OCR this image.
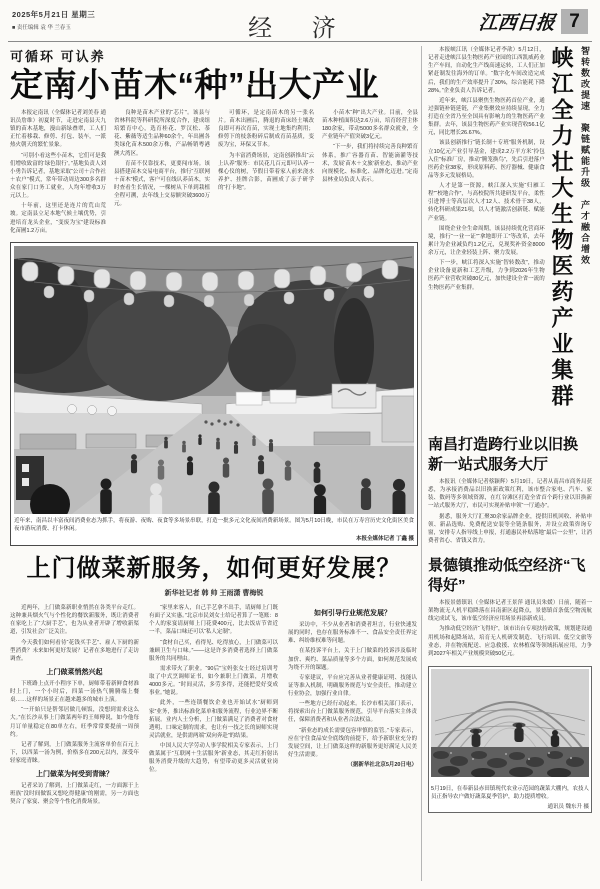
2025年5月21日 星期三
■ 责任编辑 袁 华 兰春玉	经 济	江西日报 7
可循环 可认养
定南小苗木“种”出大产业

本报定南讯（全媒体记者刘美春 通讯员詹维）初夏时节，走进定南县天九镇的苗木基地，漫山新绿叠翠，工人们正忙着移栽、修剪、打包、装车，一派热火朝天的繁忙景象。

“可别小看这些小苗木，它们可是我们增收致富的‘绿色银行’。”基地负责人刘小勇告诉记者，基地采取“公司＋合作社＋农户”模式，常年带动周边300多名群众在家门口务工就业，人均年增收3万元以上。

十年前，这里还是连片的荒山荒坡。定南县立足本地气候土壤优势，引进培育龙头企业，“变废为宝”建设标准化苗圃1.2万亩。

良种是苗木产业的“芯片”。该县与省林科院等科研院所深度合作，建成组培繁育中心，选育桂花、罗汉松、茶花、紫薇等适生品种60余个，年出圃各类绿化苗木500余万株，产品畅销粤港澳大湾区。

育苗不仅靠技术，更要闯市场。该县搭建苗木交易电商平台，推行“互联网＋苗木”模式，客户可在线认养苗木，实时查看生长情况，一棵树从下单到栽植全程可溯，去年线上交易额突破3600万元。

可循环，是定南苗木的另一张名片。苗木出圃后，腾退的苗床经土壤改良即可再次育苗，实现土地集约利用；修剪下的枝条粉碎后制成育苗基质，变废为宝，环保又节本。

为丰富消费场景，定南创新推出“云上认养”服务：市民花几百元即可认养一棵心仪的树，节假日带着家人前来浇水养护、挂牌合影，苗圃成了亲子研学的“打卡地”。

小苗木“种”出大产业。目前，全县苗木种植面积达2.6万亩，培育经营主体180余家，带动5000多名群众就业，全产业链年产值突破3亿元。

“下一步，我们将持续完善良种繁育体系，推广容器育苗、智能滴灌等技术，发展‘苗木＋文旅’新业态，推动产业向规模化、标准化、品牌化迈进。”定南县林业局负责人表示。

近年来，南昌以丰富夜间消费业态为抓手，将夜游、夜购、夜食等多场景串联，打造一批多元文化夜间消费新场景。图为5月10日晚，市民在万寿宫历史文化街区美食夜市游玩消费、打卡休闲。
本报全媒体记者 丁鑫 摄
上门做菜新服务，如何更好发展？
新华社记者 韩 帅 王雨潇 曹梅锐

近两年，上门做菜新职业悄然在各类平台走红。这种兼具烟火气与个性化的餐饮新服务，既让消费者在家吃上了“大厨手艺”，也为从业者开辟了增收新渠道，引发社会广泛关注。

今天我们如何看待“花钱买手艺”、雇人下厨的新型消费？未来如何更好发展？记者在多地进行了走访调查。

上门做菜悄然兴起

下班路上点开小程序下单，厨师带着新鲜食材准时上门，一个小时后，四菜一汤热气腾腾端上餐桌……这样的场景正在越来越多的城市上演。

“一开始只是帮邻居做几顿饭，没想到需求这么大。”在长沙从事上门做菜两年的王师傅说，如今他每月订单量稳定在80单左右，旺季常常要提前一周预约。

记者了解到，上门做菜服务主流客单价在百元上下，以四菜一汤为例，价格多在200元以内，深受年轻家庭青睐。

上门做菜为何受到青睐？

记者采访了解到，上门做菜走红，一方面源于上班族“没时间做饭又想吃得健康”的刚需，另一方面也契合了家宴、聚会等个性化消费场景。

“家里来客人，自己手艺拿不出手，请厨师上门既有面子又实惠。”北京市民刘女士给记者算了一笔账：8个人的家宴请厨师上门花费400元，比去饭店节省近一半，菜品口味还可以“私人定制”。

“食材自己买，看得见、吃得放心，上门做菜可以兼顾卫生与口味。”——这是许多消费者选择上门做菜服务的共同理由。

需求带火了职业。“90后”宝妈张女士经过培训考取了中式烹调师证书，如今兼职上门做菜，月增收4000多元。“时间灵活，多劳多得，还能把爱好变成事业。”她说。

此外，一些连锁餐饮企业也开始试水“厨师到家”业务，推出标准化菜单和服务流程，行业边界不断拓展。业内人士分析，上门做菜满足了消费者对食材透明、口味定制的需求，也让有一技之长的厨师实现灵活就业，是供需两端“双向奔赴”的结果。

中国人民大学劳动人事学院相关专家表示，上门做菜属于“互联网＋生活服务”新业态，其走红折射出服务消费升级的大趋势，有望带动更多灵活就业岗位。

如何引导行业规范发展？

采访中，不少从业者和消费者坦言，行业快速发展的同时，也存在服务标准不一、食品安全责任界定难、纠纷维权难等问题。

在某投诉平台上，关于上门做菜的投诉涉及临时加价、爽约、菜品质量等多个方面，如何规范发展成为绕不开的课题。

专家建议，平台应完善从业者健康证明、技能认证等准入机制，明确服务规范与安全责任，推动建立行业协会，加强行业自律。

一些地方已经行动起来。长沙市相关部门表示，将探索出台上门做菜服务规范，引导平台落实主体责任，保障消费者和从业者合法权益。

“新业态的成长需要包容审慎的监管。”专家表示，应在守住食品安全底线的前提下，给予新职业充分的发展空间，让上门做菜这样的新服务更好满足人民美好生活需要。

（据新华社北京5月20日电）

本报峡江讯（全媒体记者李歆）5月12日，记者走进峡江县生物医药产业园的江西凯威药业生产车间，自动化生产线高速运转，工人们正加紧赶制发往海外的订单。“数字化车间改造完成后，我们的生产效率提升了30%，综合能耗下降28%。”企业负责人告诉记者。

近年来，峡江县聚焦生物医药首位产业，通过强链补链延链，产业集聚效应持续显现，全力打造在全省乃至全国具有影响力的生物医药产业集群。去年，该县生物医药产业实现营收56.1亿元，同比增长26.67%。

该县创新推行“链长制＋专班”服务机制，设立10亿元产业引导基金，建成2.2万平方米“拎包入住”标准厂房，推动“腾笼换鸟”，先后引进落户医药企业38家，形成原料药、医疗器械、健康食品等多元发展格局。

人才是第一资源。峡江深入实施“归雁工程”“校地合作”，与高校院所共建研发平台，柔性引进博士等高层次人才12人、技术骨干38人，转化科研成果21项，以人才链激活创新链、赋能产业链。

围绕企业全生命周期，该县持续优化营商环境，推行“一业一证”“拿地即开工”等改革，去年累计为企业减负约1.2亿元，兑现奖补资金8000余万元，让企业轻装上阵、聚力发展。

下一步，峡江将深入实施“智转数改”，推动企业设备更新和工艺升级，力争到2026年生物医药产业营收突破80亿元，加快建设全省一流的生物医药产业集群。	峡江全力壮大生物医药产业集群 智转数改提速　聚链赋能升级　产才融合增效
南昌打造跨行业以旧换新一站式服务大厅

本报讯（全媒体记者蔡颖辉）5月19日，记者从南昌市商务局获悉，为承接消费品以旧换新政策红利，该市整合家电、汽车、家装、数码等多领域资源，在红谷滩区打造全省首个跨行业以旧换新一站式服务大厅，市民可实现补贴申领“一厅通办”。

据悉，服务大厅汇聚30余家品牌企业，提供旧机回收、补贴申领、新品选购、免费配送安装等全链条服务，并设立政策咨询专窗，安排专人指导线上申报，打通惠民补贴落地“最后一公里”，让消费者省心、省钱又省力。

景德镇推动低空经济“飞得好”

本报景德镇讯（全媒体记者王景萍 通讯员朱媛）日前，随着一架物流无人机平稳降落在昌南新区起降点，景德镇首条低空物流航线完成试飞，该市低空经济应用场景再添新成员。

为推动低空经济“飞得好”，该市出台专项扶持政策，规划建设通用机场和起降场站，培育无人机研发制造、飞行培训、低空文旅等业态，并在物流配送、应急救援、农林植保等领域拓展应用，力争到2027年相关产业规模突破50亿元。

5月19日，在奉新县赤田镇现代农业示范园的蔬菜大棚内，农技人员正指导农户做好蔬菜夏季管护，助力提质增收。
通讯员 魏东升 摄
